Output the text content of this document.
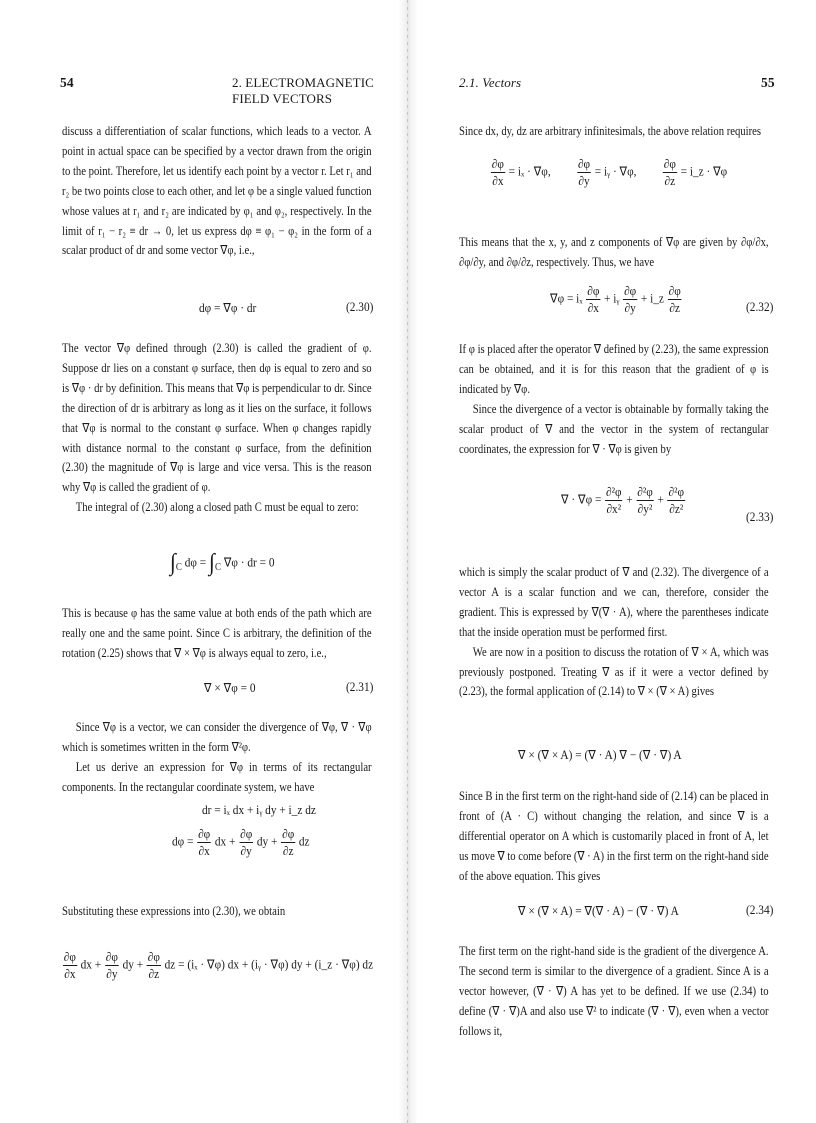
54	2. ELECTROMAGNETIC FIELD VECTORS

discuss a differentiation of scalar functions, which leads to a vector. A point in actual space can be specified by a vector drawn from the origin to the point. Therefore, let us identify each point by a vector r. Let r₁ and r₂ be two points close to each other, and let φ be a single valued function whose values at r₁ and r₂ are indicated by φ₁ and φ₂, respectively. In the limit of r₁ − r₂ ≡ dr → 0, let us express dφ ≡ φ₁ − φ₂ in the form of a scalar product of dr and some vector ∇φ, i.e.,

dφ = ∇φ · dr	(2.30)

The vector ∇φ defined through (2.30) is called the gradient of φ. Suppose dr lies on a constant φ surface, then dφ is equal to zero and so is ∇φ · dr by definition. This means that ∇φ is perpendicular to dr. Since the direction of dr is arbitrary as long as it lies on the surface, it follows that ∇φ is normal to the constant φ surface. When φ changes rapidly with distance normal to the constant φ surface, from the definition (2.30) the magnitude of ∇φ is large and vice versa. This is the reason why ∇φ is called the gradient of φ.

The integral of (2.30) along a closed path C must be equal to zero:

$\int_C$ $d\varphi = \int_C$ ∇φ · dr = 0

This is because φ has the same value at both ends of the path which are really one and the same point. Since C is arbitrary, the definition of the rotation (2.25) shows that ∇ × ∇φ is always equal to zero, i.e.,

∇ × ∇φ = 0	(2.31)

Since ∇φ is a vector, we can consider the divergence of ∇φ, ∇ · ∇φ which is sometimes written in the form ∇²φ.

Let us derive an expression for ∇φ in terms of its rectangular components. In the rectangular coordinate system, we have

dr = iₓ dx + iᵧ dy + i_z dz
$d\varphi = \frac{\partial\varphi}{\partial x}$ dx + $\frac{\partial\varphi}{\partial y}$ dy + $\frac{\partial\varphi}{\partial z}$ dz

Substituting these expressions into (2.30), we obtain

$\frac{\partial\varphi}{\partial x}$ dx + $\frac{\partial\varphi}{\partial y}$ dy + $\frac{\partial\varphi}{\partial z}$ dz = (iₓ · ∇φ) dx + (iᵧ · ∇φ) dy + (i_z · ∇φ) dz
2.1. Vectors	55

Since dx, dy, dz are arbitrary infinitesimals, the above relation requires

$\frac{\partial\varphi}{\partial x} = i_x \cdot \nabla\varphi$, $\frac{\partial\varphi}{\partial y}$ = iᵧ · ∇φ, $\frac{\partial\varphi}{\partial z}$ = i_z · ∇φ

This means that the x, y, and z components of ∇φ are given by ∂φ/∂x, ∂φ/∂y, and ∂φ/∂z, respectively. Thus, we have

∇φ = iₓ $\frac{\partial\varphi}{\partial x}$ + iᵧ $\frac{\partial\varphi}{\partial y}$ + i_z $\frac{\partial\varphi}{\partial z}$	(2.32)

If φ is placed after the operator ∇ defined by (2.23), the same expression can be obtained, and it is for this reason that the gradient of φ is indicated by ∇φ.

Since the divergence of a vector is obtainable by formally taking the scalar product of ∇ and the vector in the system of rectangular coordinates, the expression for ∇ · ∇φ is given by

∇ · $\nabla\varphi = \frac{\text{∂²φ}}{\text{∂x²}} + \frac{\text{∂²φ}}{\text{∂y²}} + \frac{\text{∂²φ}}{\text{∂z²}}$	(2.33)

which is simply the scalar product of ∇ and (2.32). The divergence of a vector A is a scalar function and we can, therefore, consider the gradient. This is expressed by ∇(∇ · A), where the parentheses indicate that the inside operation must be performed first.

We are now in a position to discuss the rotation of ∇ × A, which was previously postponed. Treating ∇ as if it were a vector defined by (2.23), the formal application of (2.14) to ∇ × (∇ × A) gives

∇ × (∇ × A) = (∇ · A) ∇ − (∇ · ∇) A

Since B in the first term on the right-hand side of (2.14) can be placed in front of (A · C) without changing the relation, and since ∇ is a differential operator on A which is customarily placed in front of A, let us move ∇ to come before (∇ · A) in the first term on the right-hand side of the above equation. This gives

∇ × (∇ × A) = ∇(∇ · A) − (∇ · ∇) A	(2.34)

The first term on the right-hand side is the gradient of the divergence A. The second term is similar to the divergence of a gradient. Since A is a vector however, (∇ · ∇) A has yet to be defined. If we use (2.34) to define (∇ · ∇)A and also use ∇² to indicate (∇ · ∇), even when a vector follows it,
